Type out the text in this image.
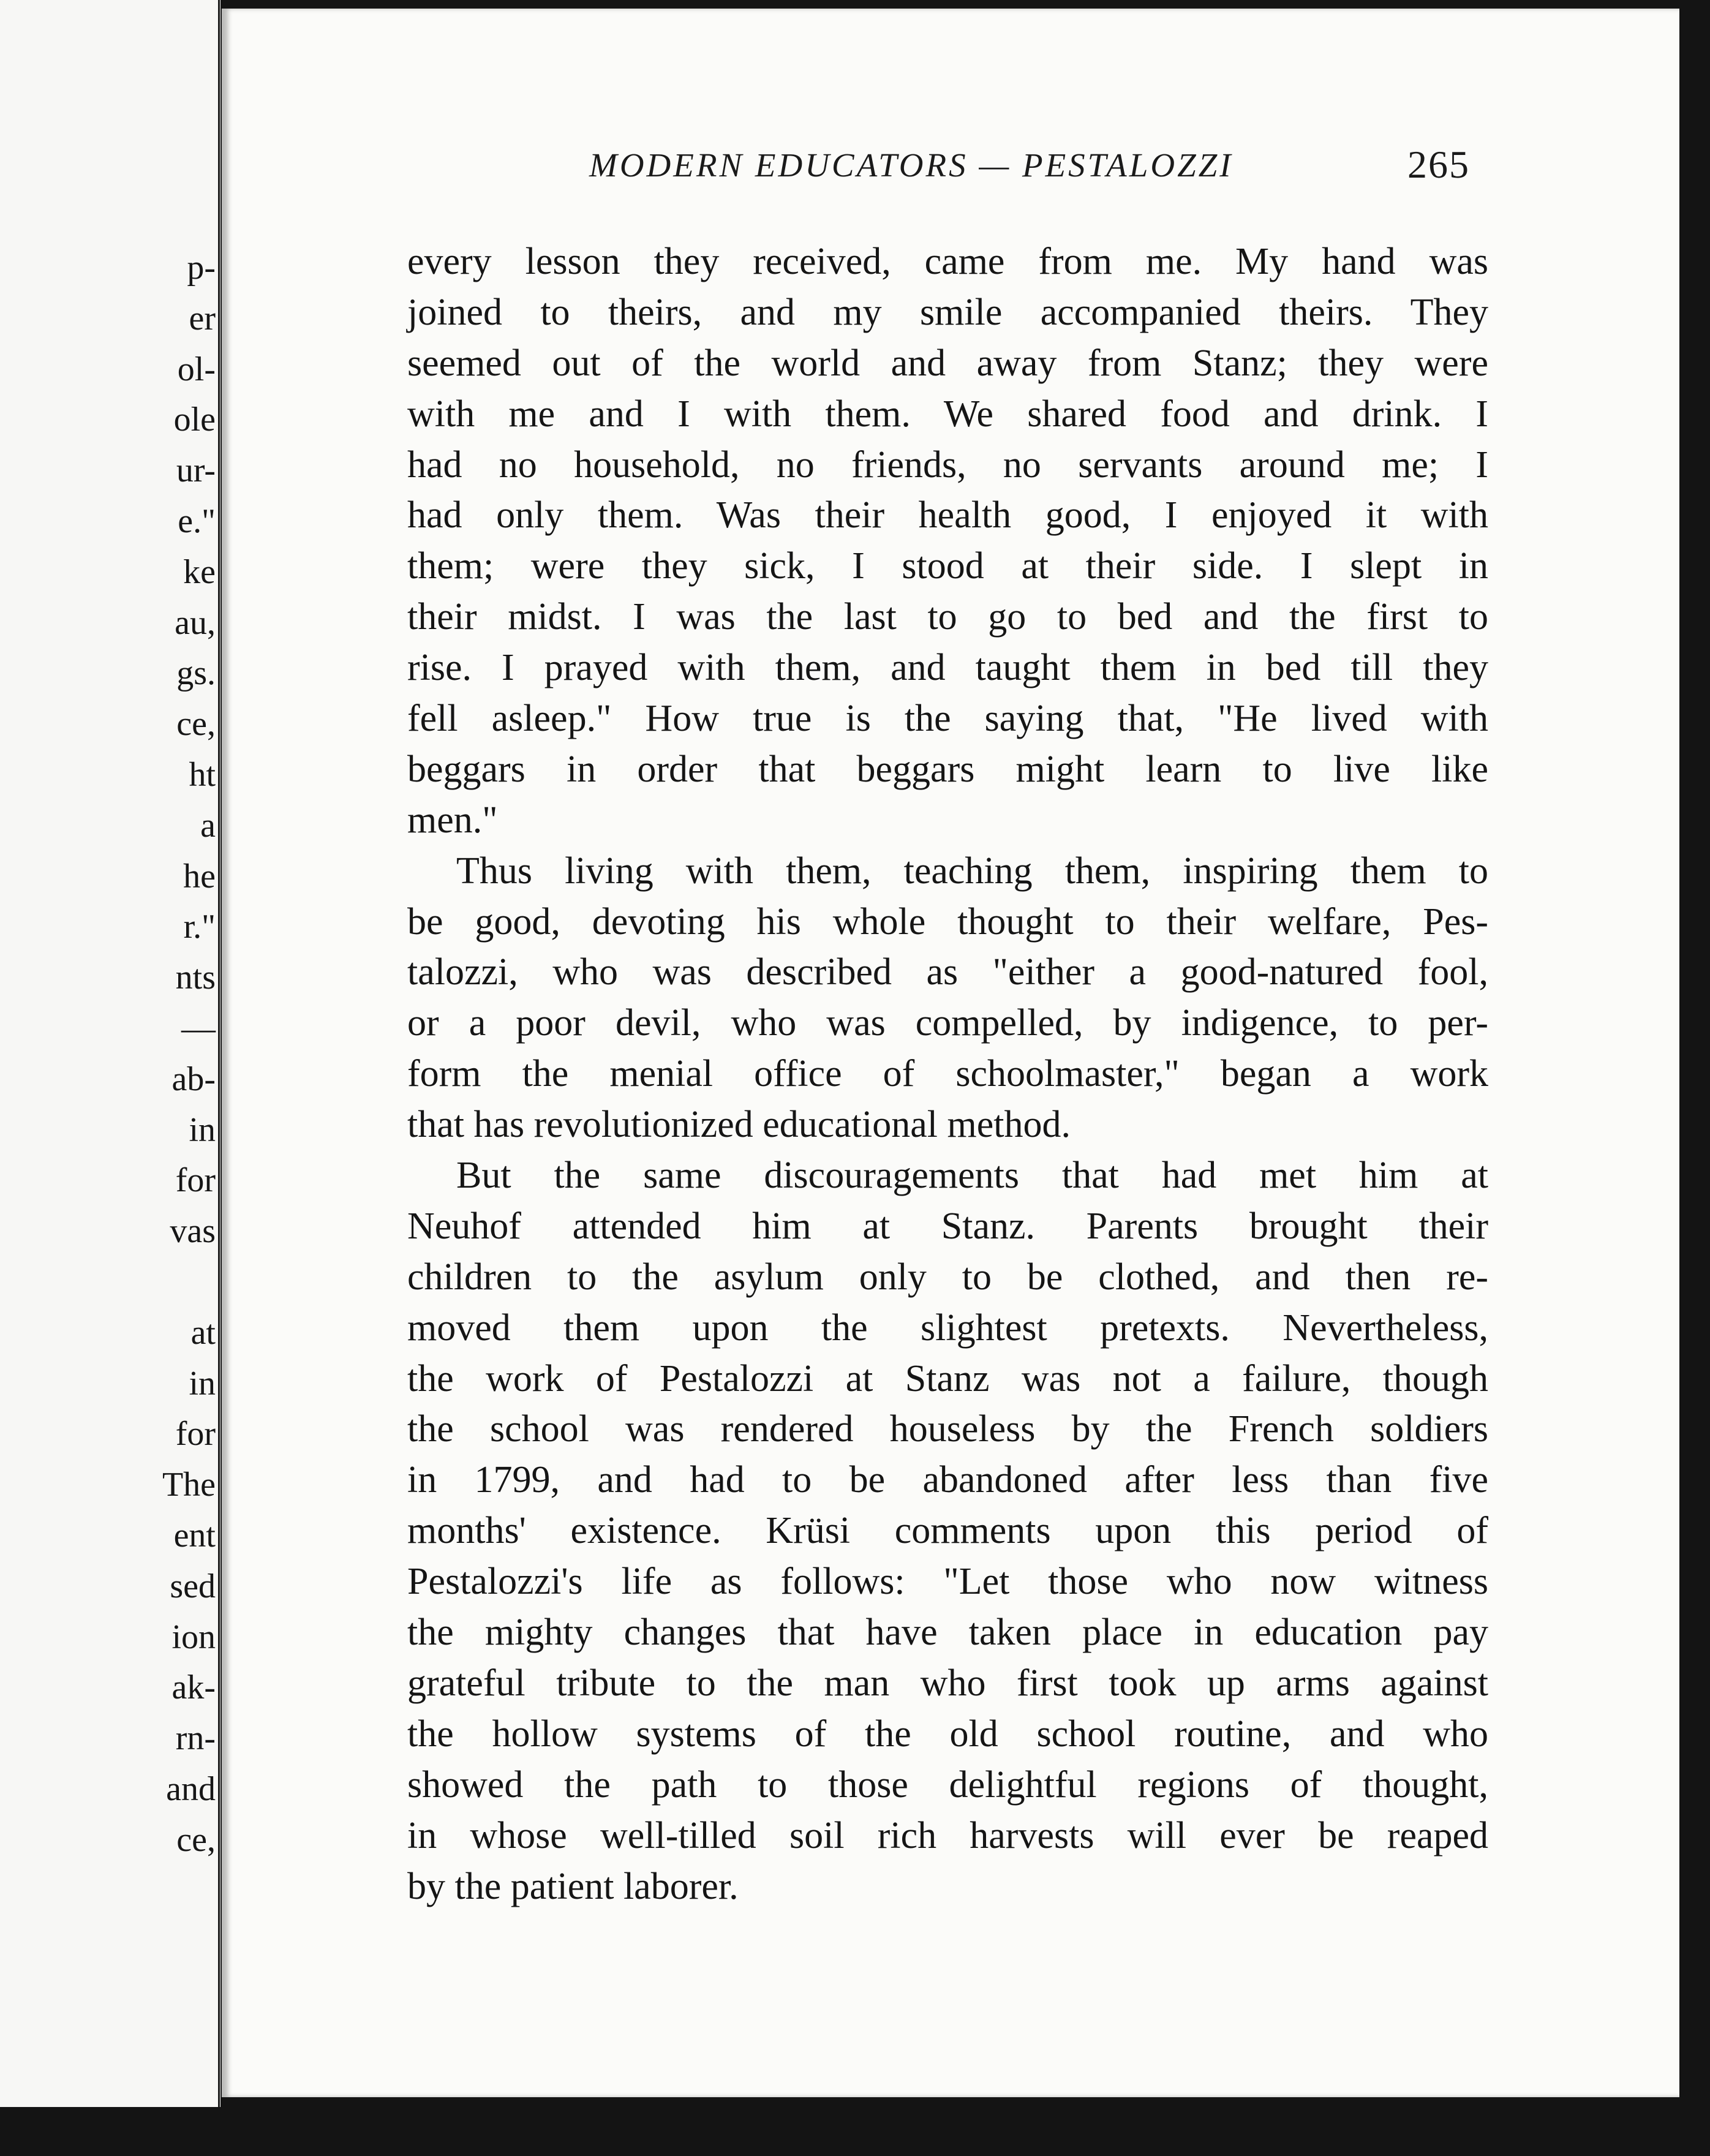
p-
er
ol-
ole
ur-
e."
ke
au,
gs.
ce,
ht
a
he
r."
nts
—
ab-
in
for
vas
at
in
for
The
ent
sed
ion
ak-
rn-
and
ce,
MODERN EDUCATORS — PESTALOZZI	265

every lesson they received, came from me. My hand was
joined to theirs, and my smile accompanied theirs. They
seemed out of the world and away from Stanz; they were
with me and I with them. We shared food and drink. I
had no household, no friends, no servants around me; I
had only them. Was their health good, I enjoyed it with
them; were they sick, I stood at their side. I slept in
their midst. I was the last to go to bed and the first to
rise. I prayed with them, and taught them in bed till they
fell asleep." How true is the saying that, "He lived with
beggars in order that beggars might learn to live like
men."

Thus living with them, teaching them, inspiring them to
be good, devoting his whole thought to their welfare, Pes-
talozzi, who was described as "either a good-natured fool,
or a poor devil, who was compelled, by indigence, to per-
form the menial office of schoolmaster," began a work
that has revolutionized educational method.

But the same discouragements that had met him at
Neuhof attended him at Stanz. Parents brought their
children to the asylum only to be clothed, and then re-
moved them upon the slightest pretexts. Nevertheless,
the work of Pestalozzi at Stanz was not a failure, though
the school was rendered houseless by the French soldiers
in 1799, and had to be abandoned after less than five
months' existence. Krüsi comments upon this period of
Pestalozzi's life as follows: "Let those who now witness
the mighty changes that have taken place in education pay
grateful tribute to the man who first took up arms against
the hollow systems of the old school routine, and who
showed the path to those delightful regions of thought,
in whose well-tilled soil rich harvests will ever be reaped
by the patient laborer.
